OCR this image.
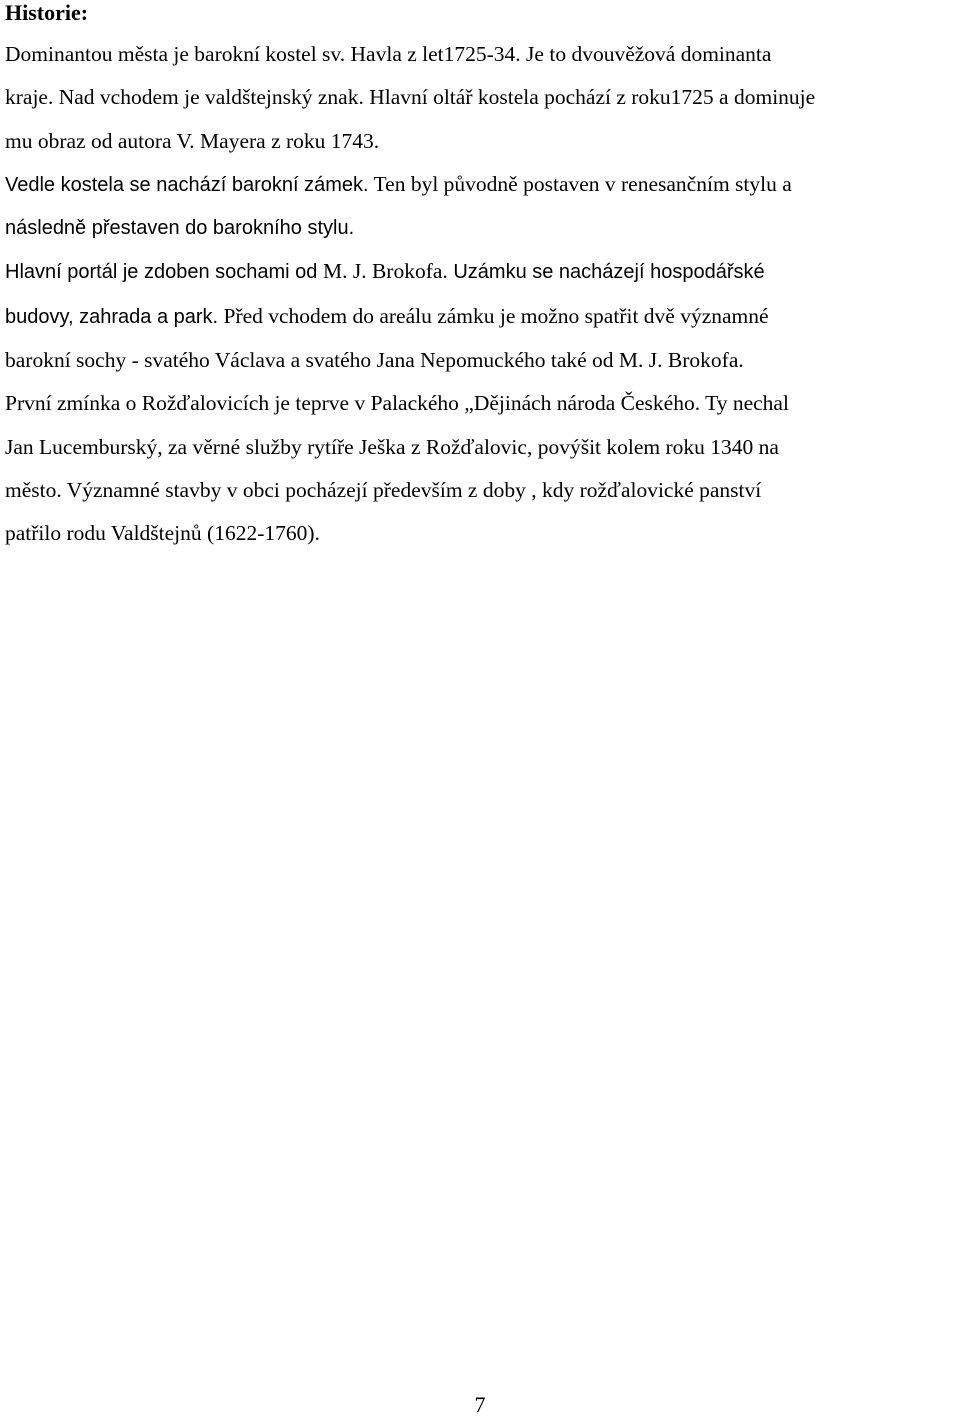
Historie:
Dominantou města je barokní kostel sv. Havla z let1725-34. Je to dvouvěžová dominanta
kraje. Nad vchodem je valdštejnský znak. Hlavní oltář kostela pochází z roku1725 a dominuje
mu obraz od autora V. Mayera z roku 1743.
Vedle kostela se nachází barokní zámek. Ten byl původně postaven v renesančním stylu a
následně přestaven do barokního stylu.
Hlavní portál je zdoben sochami od M. J. Brokofa. Uzámku se nacházejí hospodářské
budovy, zahrada a park. Před vchodem do areálu zámku je možno spatřit dvě významné
barokní sochy - svatého Václava a svatého Jana Nepomuckého také od M. J. Brokofa.
První zmínka o Rožďalovicích je teprve v Palackého „Dějinách národa Českého. Ty nechal
Jan Lucemburský, za věrné služby rytíře Ješka z Rožďalovic, povýšit kolem roku 1340 na
město. Významné stavby v obci pocházejí především z doby , kdy rožďalovické panství
patřilo rodu Valdštejnů (1622-1760).
7
